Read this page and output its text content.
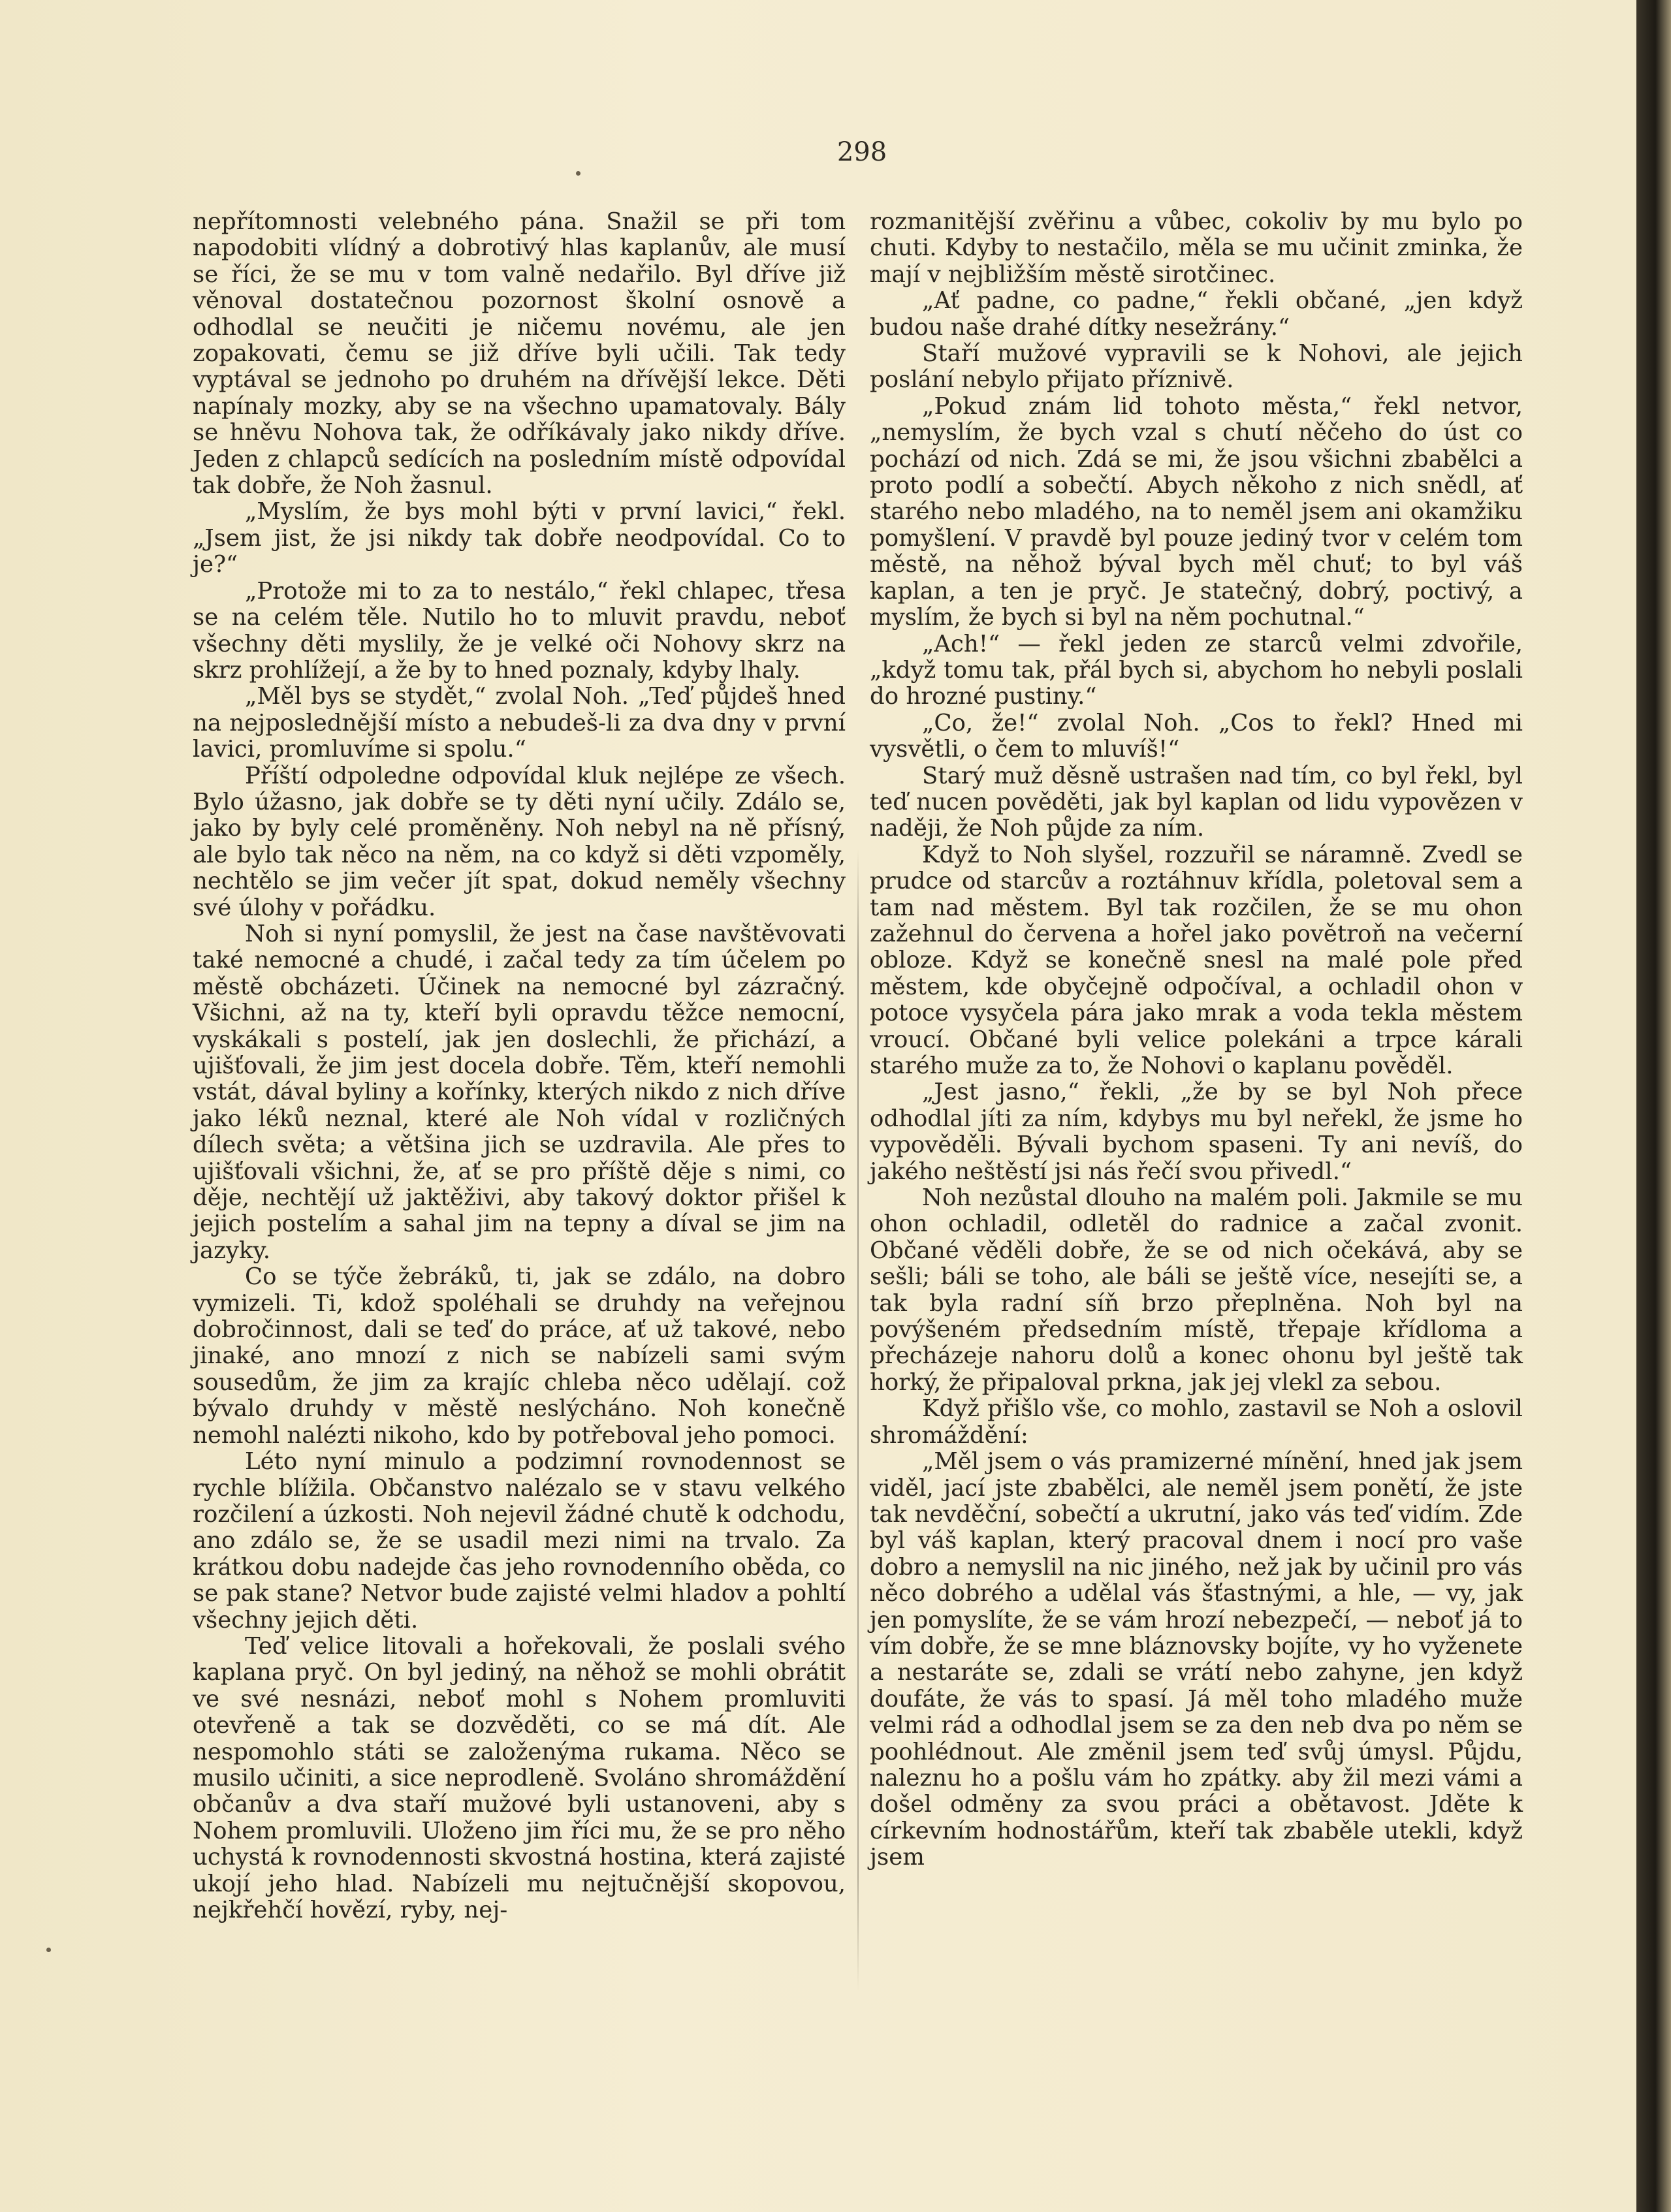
298

nepřítomnosti velebného pána. Snažil se při tom napodobiti vlídný a dobrotivý hlas kaplanův, ale musí se říci, že se mu v tom valně nedařilo. Byl dříve již věnoval dostatečnou pozornost školní osnově a odhodlal se neučiti je ničemu novému, ale jen zopakovati, čemu se již dříve byli učili. Tak tedy vyptával se jednoho po druhém na dřívější lekce. Děti napínaly mozky, aby se na všechno upamatovaly. Bály se hněvu Nohova tak, že odříkávaly jako nikdy dříve. Jeden z chlapců sedících na posledním místě odpovídal tak dobře, že Noh žasnul.

„Myslím, že bys mohl býti v první lavici,“ řekl. „Jsem jist, že jsi nikdy tak dobře neodpovídal. Co to je?“

„Protože mi to za to nestálo,“ řekl chlapec, třesa se na celém těle. Nutilo ho to mluvit pravdu, neboť všechny děti myslily, že je velké oči Nohovy skrz na skrz prohlížejí, a že by to hned poznaly, kdyby lhaly.

„Měl bys se stydět,“ zvolal Noh. „Teď půjdeš hned na nejposlednější místo a nebudeš-li za dva dny v první lavici, promluvíme si spolu.“

Příští odpoledne odpovídal kluk nejlépe ze všech. Bylo úžasno, jak dobře se ty děti nyní učily. Zdálo se, jako by byly celé proměněny. Noh nebyl na ně přísný, ale bylo tak něco na něm, na co když si děti vzpoměly, nechtělo se jim večer jít spat, dokud neměly všechny své úlohy v pořádku.

Noh si nyní pomyslil, že jest na čase navštěvovati také nemocné a chudé, i začal tedy za tím účelem po městě obcházeti. Účinek na nemocné byl zázračný. Všichni, až na ty, kteří byli opravdu těžce nemocní, vyskákali s postelí, jak jen doslechli, že přichází, a ujišťovali, že jim jest docela dobře. Těm, kteří nemohli vstát, dával byliny a kořínky, kterých nikdo z nich dříve jako léků neznal, které ale Noh vídal v rozličných dílech světa; a většina jich se uzdravila. Ale přes to ujišťovali všichni, že, ať se pro příště děje s nimi, co děje, nechtějí už jaktěživi, aby takový doktor přišel k jejich postelím a sahal jim na tepny a díval se jim na jazyky.

Co se týče žebráků, ti, jak se zdálo, na dobro vymizeli. Ti, kdož spoléhali se druhdy na veřejnou dobročinnost, dali se teď do práce, ať už takové, nebo jinaké, ano mnozí z nich se nabízeli sami svým sousedům, že jim za krajíc chleba něco udělají. což bývalo druhdy v městě neslýcháno. Noh konečně nemohl nalézti nikoho, kdo by potřeboval jeho pomoci.

Léto nyní minulo a podzimní rovnodennost se rychle blížila. Občanstvo nalézalo se v stavu velkého rozčilení a úzkosti. Noh nejevil žádné chutě k odchodu, ano zdálo se, že se usadil mezi nimi na trvalo. Za krátkou dobu nadejde čas jeho rovnodenního oběda, co se pak stane? Netvor bude zajisté velmi hladov a pohltí všechny jejich děti.

Teď velice litovali a hořekovali, že poslali svého kaplana pryč. On byl jediný, na něhož se mohli obrátit ve své nesnázi, neboť mohl s Nohem promluviti otevřeně a tak se dozvěděti, co se má dít. Ale nespomohlo státi se založenýma rukama. Něco se musilo učiniti, a sice neprodleně. Svoláno shromáždění občanův a dva staří mužové byli ustanoveni, aby s Nohem promluvili. Uloženo jim říci mu, že se pro něho uchystá k rovnodennosti skvostná hostina, která zajisté ukojí jeho hlad. Nabízeli mu nejtučnější skopovou, nejkřehčí hovězí, ryby, nej-

rozmanitější zvěřinu a vůbec, cokoliv by mu bylo po chuti. Kdyby to nestačilo, měla se mu učinit zminka, že mají v nejbližším městě sirotčinec.

„Ať padne, co padne,“ řekli občané, „jen když budou naše drahé dítky nesežrány.“

Staří mužové vypravili se k Nohovi, ale jejich poslání nebylo přijato příznivě.

„Pokud znám lid tohoto města,“ řekl netvor, „nemyslím, že bych vzal s chutí něčeho do úst co pochází od nich. Zdá se mi, že jsou všichni zbabělci a proto podlí a sobečtí. Abych někoho z nich snědl, ať starého nebo mladého, na to neměl jsem ani okamžiku pomyšlení. V pravdě byl pouze jediný tvor v celém tom městě, na něhož býval bych měl chuť; to byl váš kaplan, a ten je pryč. Je statečný, dobrý, poctivý, a myslím, že bych si byl na něm pochutnal.“

„Ach!“ — řekl jeden ze starců velmi zdvořile, „když tomu tak, přál bych si, abychom ho nebyli poslali do hrozné pustiny.“

„Co, že!“ zvolal Noh. „Cos to řekl? Hned mi vysvětli, o čem to mluvíš!“

Starý muž děsně ustrašen nad tím, co byl řekl, byl teď nucen pověděti, jak byl kaplan od lidu vypovězen v naději, že Noh půjde za ním.

Když to Noh slyšel, rozzuřil se náramně. Zvedl se prudce od starcův a roztáhnuv křídla, poletoval sem a tam nad městem. Byl tak rozčilen, že se mu ohon zažehnul do červena a hořel jako povětroň na večerní obloze. Když se konečně snesl na malé pole před městem, kde obyčejně odpočíval, a ochladil ohon v potoce vysyčela pára jako mrak a voda tekla městem vroucí. Občané byli velice polekáni a trpce kárali starého muže za to, že Nohovi o kaplanu pověděl.

„Jest jasno,“ řekli, „že by se byl Noh přece odhodlal jíti za ním, kdybys mu byl neřekl, že jsme ho vypověděli. Bývali bychom spaseni. Ty ani nevíš, do jakého neštěstí jsi nás řečí svou přivedl.“

Noh nezůstal dlouho na malém poli. Jakmile se mu ohon ochladil, odletěl do radnice a začal zvonit. Občané věděli dobře, že se od nich očekává, aby se sešli; báli se toho, ale báli se ještě více, nesejíti se, a tak byla radní síň brzo přeplněna. Noh byl na povýšeném předsedním místě, třepaje křídloma a přecházeje nahoru dolů a konec ohonu byl ještě tak horký, že připaloval prkna, jak jej vlekl za sebou.

Když přišlo vše, co mohlo, zastavil se Noh a oslovil shromáždění:

„Měl jsem o vás pramizerné mínění, hned jak jsem viděl, jací jste zbabělci, ale neměl jsem ponětí, že jste tak nevděční, sobečtí a ukrutní, jako vás teď vidím. Zde byl váš kaplan, který pracoval dnem i nocí pro vaše dobro a nemyslil na nic jiného, než jak by učinil pro vás něco dobrého a udělal vás šťastnými, a hle, — vy, jak jen pomyslíte, že se vám hrozí nebezpečí, — neboť já to vím dobře, že se mne bláznovsky bojíte, vy ho vyženete a nestaráte se, zdali se vrátí nebo zahyne, jen když doufáte, že vás to spasí. Já měl toho mladého muže velmi rád a odhodlal jsem se za den neb dva po něm se poohlédnout. Ale změnil jsem teď svůj úmysl. Půjdu, naleznu ho a pošlu vám ho zpátky. aby žil mezi vámi a došel odměny za svou práci a obětavost. Jděte k církevním hodnostářům, kteří tak zbaběle utekli, když jsem
